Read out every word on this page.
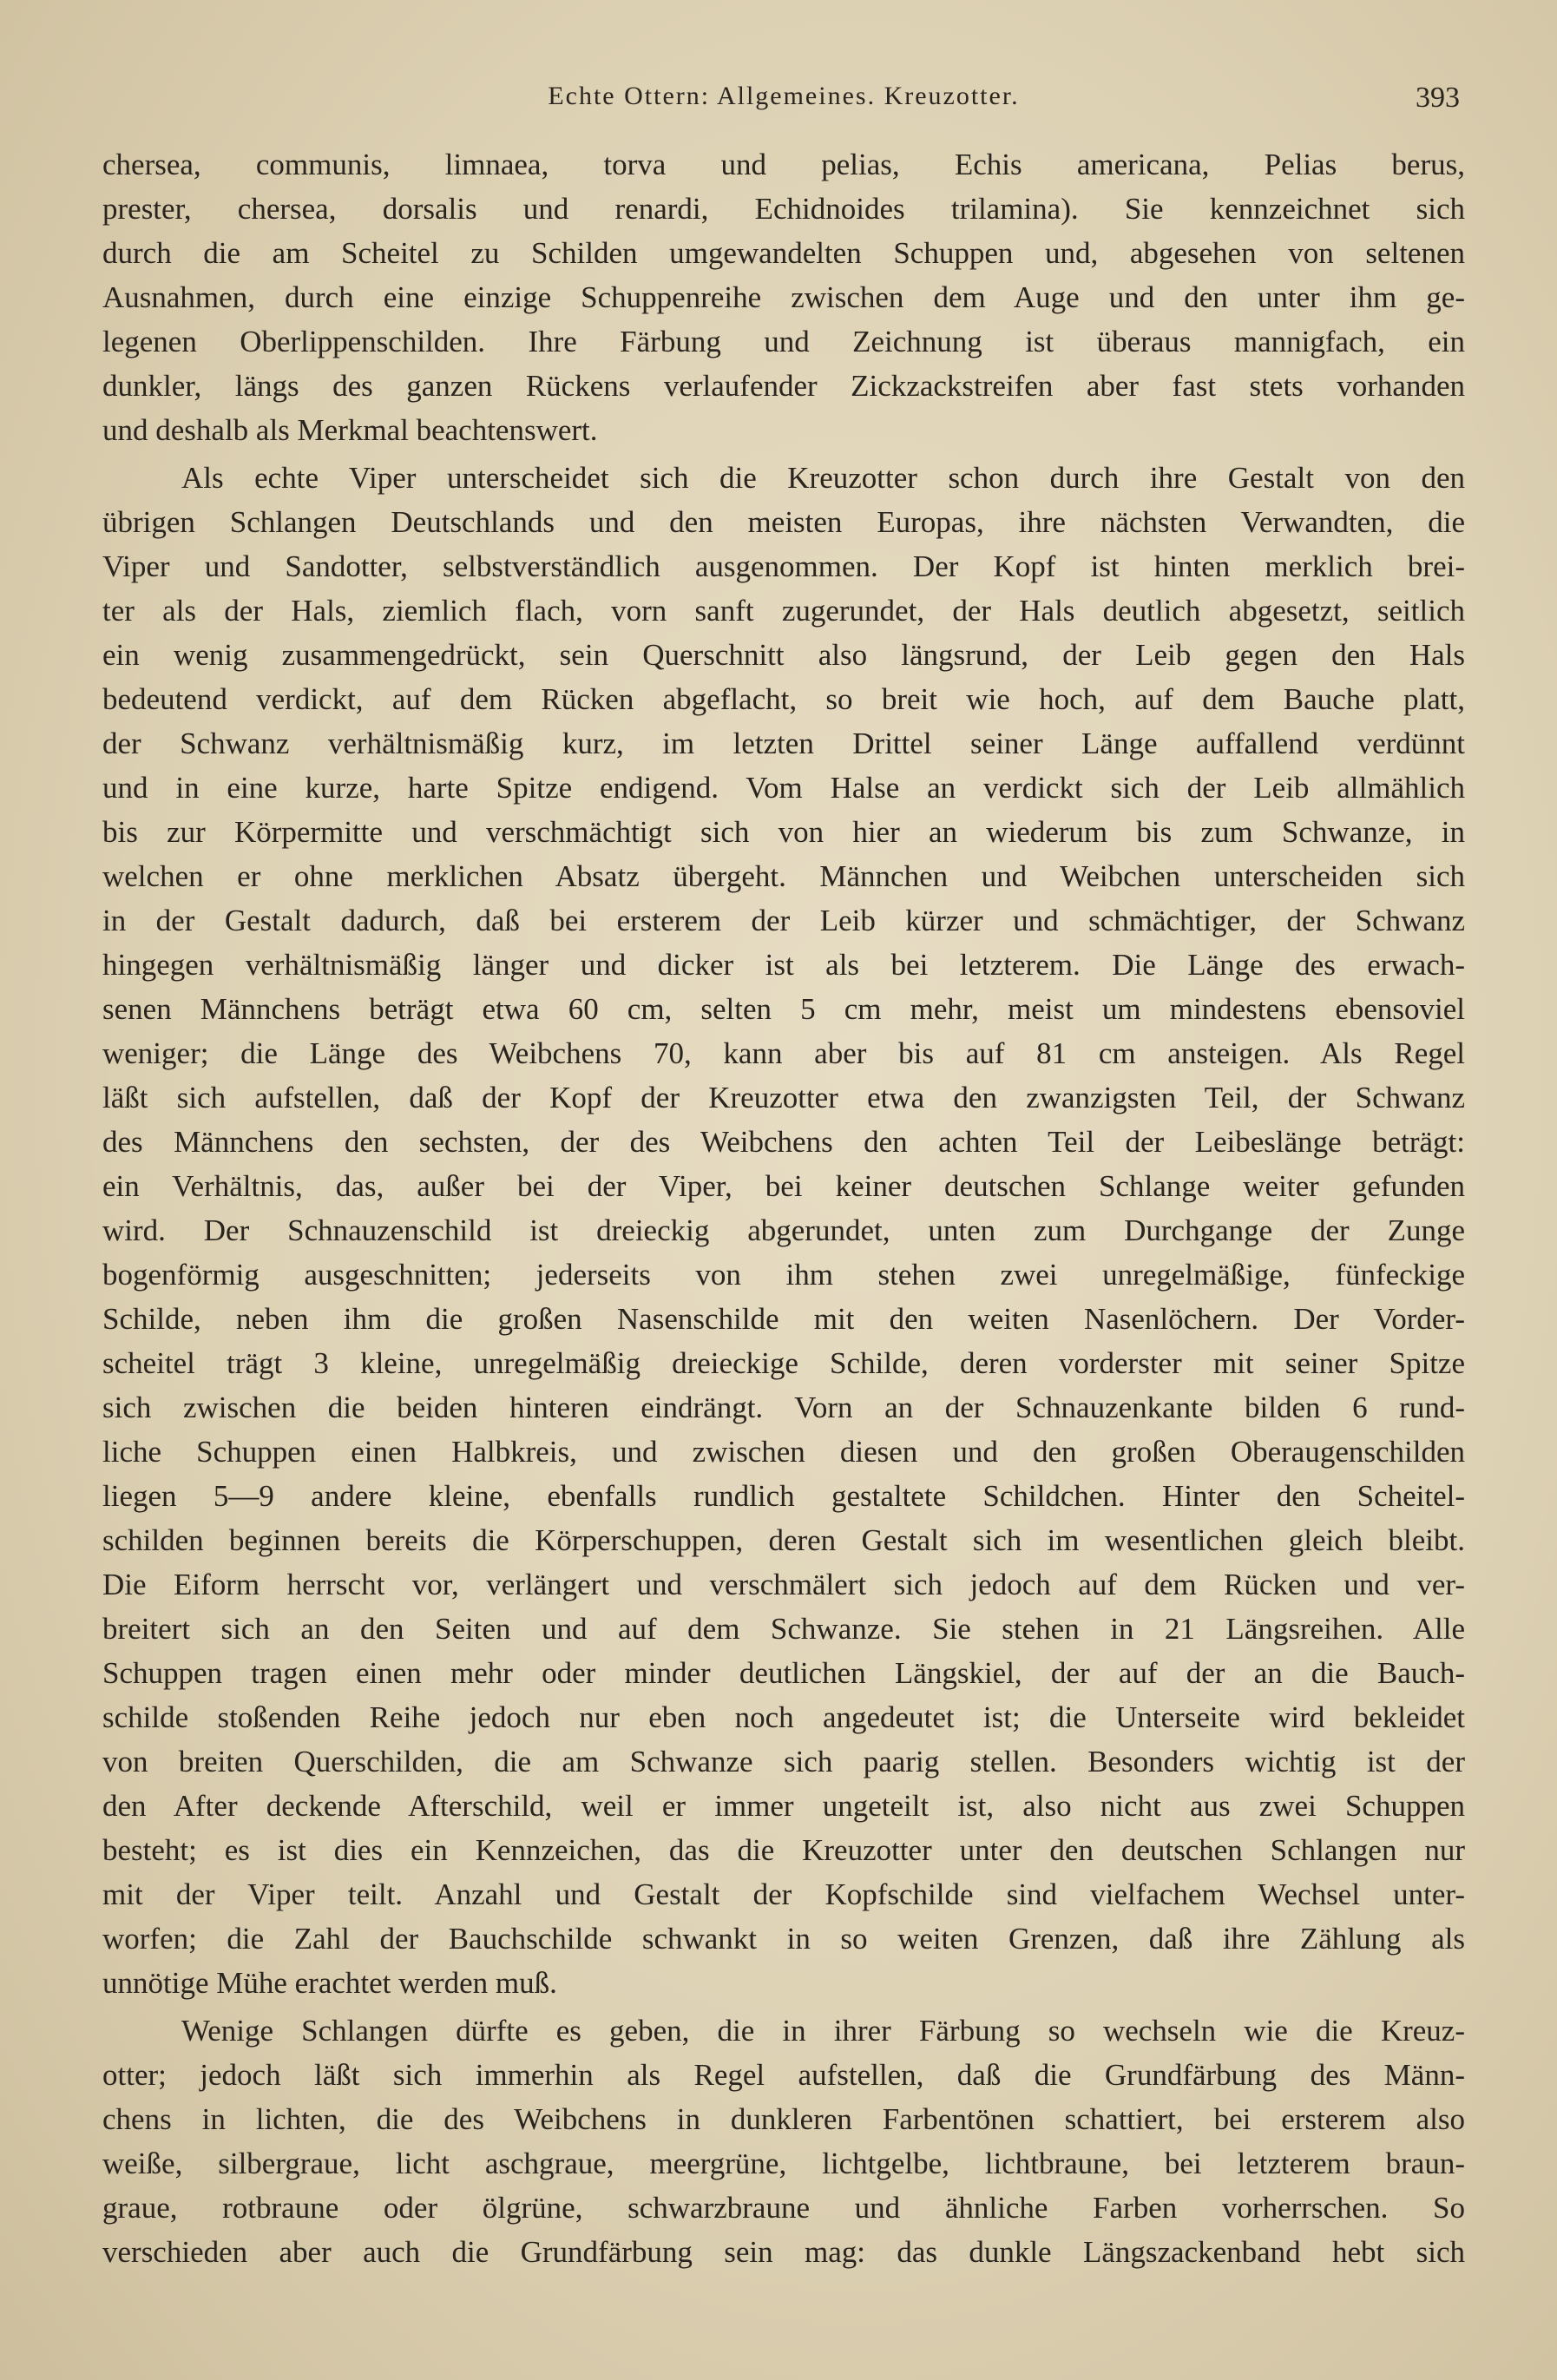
Echte Ottern: Allgemeines. Kreuzotter.	393
chersea, communis, limnaea, torva und pelias, Echis americana, Pelias berus,
prester, chersea, dorsalis und renardi, Echidnoides trilamina). Sie kennzeichnet sich
durch die am Scheitel zu Schilden umgewandelten Schuppen und, abgesehen von seltenen
Ausnahmen, durch eine einzige Schuppenreihe zwischen dem Auge und den unter ihm ge-
legenen Oberlippenschilden. Ihre Färbung und Zeichnung ist überaus mannigfach, ein
dunkler, längs des ganzen Rückens verlaufender Zickzackstreifen aber fast stets vorhanden
und deshalb als Merkmal beachtenswert.
Als echte Viper unterscheidet sich die Kreuzotter schon durch ihre Gestalt von den
übrigen Schlangen Deutschlands und den meisten Europas, ihre nächsten Verwandten, die
Viper und Sandotter, selbstverständlich ausgenommen. Der Kopf ist hinten merklich brei-
ter als der Hals, ziemlich flach, vorn sanft zugerundet, der Hals deutlich abgesetzt, seitlich
ein wenig zusammengedrückt, sein Querschnitt also längsrund, der Leib gegen den Hals
bedeutend verdickt, auf dem Rücken abgeflacht, so breit wie hoch, auf dem Bauche platt,
der Schwanz verhältnismäßig kurz, im letzten Drittel seiner Länge auffallend verdünnt
und in eine kurze, harte Spitze endigend. Vom Halse an verdickt sich der Leib allmählich
bis zur Körpermitte und verschmächtigt sich von hier an wiederum bis zum Schwanze, in
welchen er ohne merklichen Absatz übergeht. Männchen und Weibchen unterscheiden sich
in der Gestalt dadurch, daß bei ersterem der Leib kürzer und schmächtiger, der Schwanz
hingegen verhältnismäßig länger und dicker ist als bei letzterem. Die Länge des erwach-
senen Männchens beträgt etwa 60 cm, selten 5 cm mehr, meist um mindestens ebensoviel
weniger; die Länge des Weibchens 70, kann aber bis auf 81 cm ansteigen. Als Regel
läßt sich aufstellen, daß der Kopf der Kreuzotter etwa den zwanzigsten Teil, der Schwanz
des Männchens den sechsten, der des Weibchens den achten Teil der Leibeslänge beträgt:
ein Verhältnis, das, außer bei der Viper, bei keiner deutschen Schlange weiter gefunden
wird. Der Schnauzenschild ist dreieckig abgerundet, unten zum Durchgange der Zunge
bogenförmig ausgeschnitten; jederseits von ihm stehen zwei unregelmäßige, fünfeckige
Schilde, neben ihm die großen Nasenschilde mit den weiten Nasenlöchern. Der Vorder-
scheitel trägt 3 kleine, unregelmäßig dreieckige Schilde, deren vorderster mit seiner Spitze
sich zwischen die beiden hinteren eindrängt. Vorn an der Schnauzenkante bilden 6 rund-
liche Schuppen einen Halbkreis, und zwischen diesen und den großen Oberaugenschilden
liegen 5—9 andere kleine, ebenfalls rundlich gestaltete Schildchen. Hinter den Scheitel-
schilden beginnen bereits die Körperschuppen, deren Gestalt sich im wesentlichen gleich bleibt.
Die Eiform herrscht vor, verlängert und verschmälert sich jedoch auf dem Rücken und ver-
breitert sich an den Seiten und auf dem Schwanze. Sie stehen in 21 Längsreihen. Alle
Schuppen tragen einen mehr oder minder deutlichen Längskiel, der auf der an die Bauch-
schilde stoßenden Reihe jedoch nur eben noch angedeutet ist; die Unterseite wird bekleidet
von breiten Querschilden, die am Schwanze sich paarig stellen. Besonders wichtig ist der
den After deckende Afterschild, weil er immer ungeteilt ist, also nicht aus zwei Schuppen
besteht; es ist dies ein Kennzeichen, das die Kreuzotter unter den deutschen Schlangen nur
mit der Viper teilt. Anzahl und Gestalt der Kopfschilde sind vielfachem Wechsel unter-
worfen; die Zahl der Bauchschilde schwankt in so weiten Grenzen, daß ihre Zählung als
unnötige Mühe erachtet werden muß.
Wenige Schlangen dürfte es geben, die in ihrer Färbung so wechseln wie die Kreuz-
otter; jedoch läßt sich immerhin als Regel aufstellen, daß die Grundfärbung des Männ-
chens in lichten, die des Weibchens in dunkleren Farbentönen schattiert, bei ersterem also
weiße, silbergraue, licht aschgraue, meergrüne, lichtgelbe, lichtbraune, bei letzterem braun-
graue, rotbraune oder ölgrüne, schwarzbraune und ähnliche Farben vorherrschen. So
verschieden aber auch die Grundfärbung sein mag: das dunkle Längszackenband hebt sich
